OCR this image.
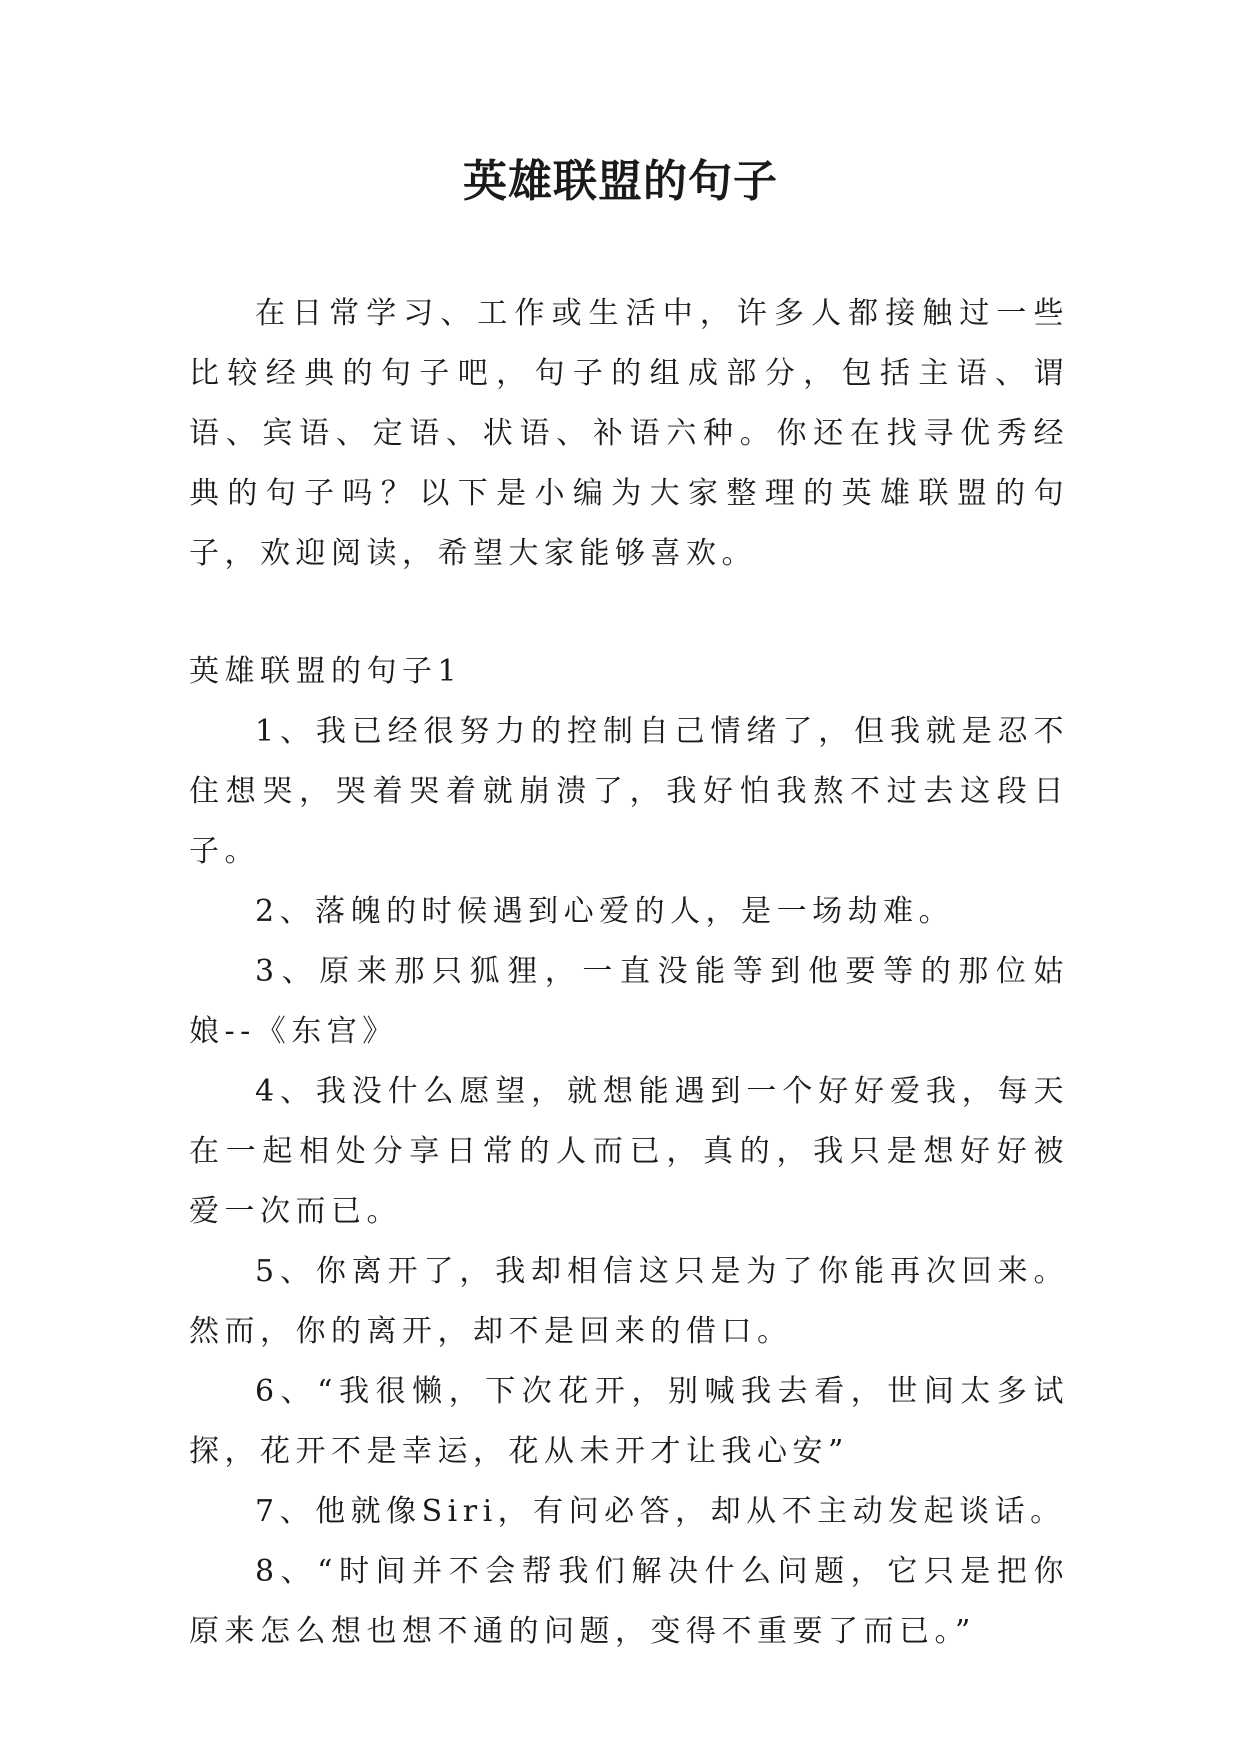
英雄联盟的句子

在日常学习、工作或生活中，许多人都接触过一些比较经典的句子吧，句子的组成部分，包括主语、谓语、宾语、定语、状语、补语六种。你还在找寻优秀经典的句子吗？以下是小编为大家整理的英雄联盟的句子，欢迎阅读，希望大家能够喜欢。

英雄联盟的句子1

1、我已经很努力的控制自己情绪了，但我就是忍不住想哭，哭着哭着就崩溃了，我好怕我熬不过去这段日子。

2、落魄的时候遇到心爱的人，是一场劫难。

3、原来那只狐狸，一直没能等到他要等的那位姑娘--《东宫》

4、我没什么愿望，就想能遇到一个好好爱我，每天在一起相处分享日常的人而已，真的，我只是想好好被爱一次而已。

5、你离开了，我却相信这只是为了你能再次回来。然而，你的离开，却不是回来的借口。

6、“我很懒，下次花开，别喊我去看，世间太多试探，花开不是幸运，花从未开才让我心安”

7、他就像Siri，有问必答，却从不主动发起谈话。

8、“时间并不会帮我们解决什么问题，它只是把你原来怎么想也想不通的问题，变得不重要了而已。”
